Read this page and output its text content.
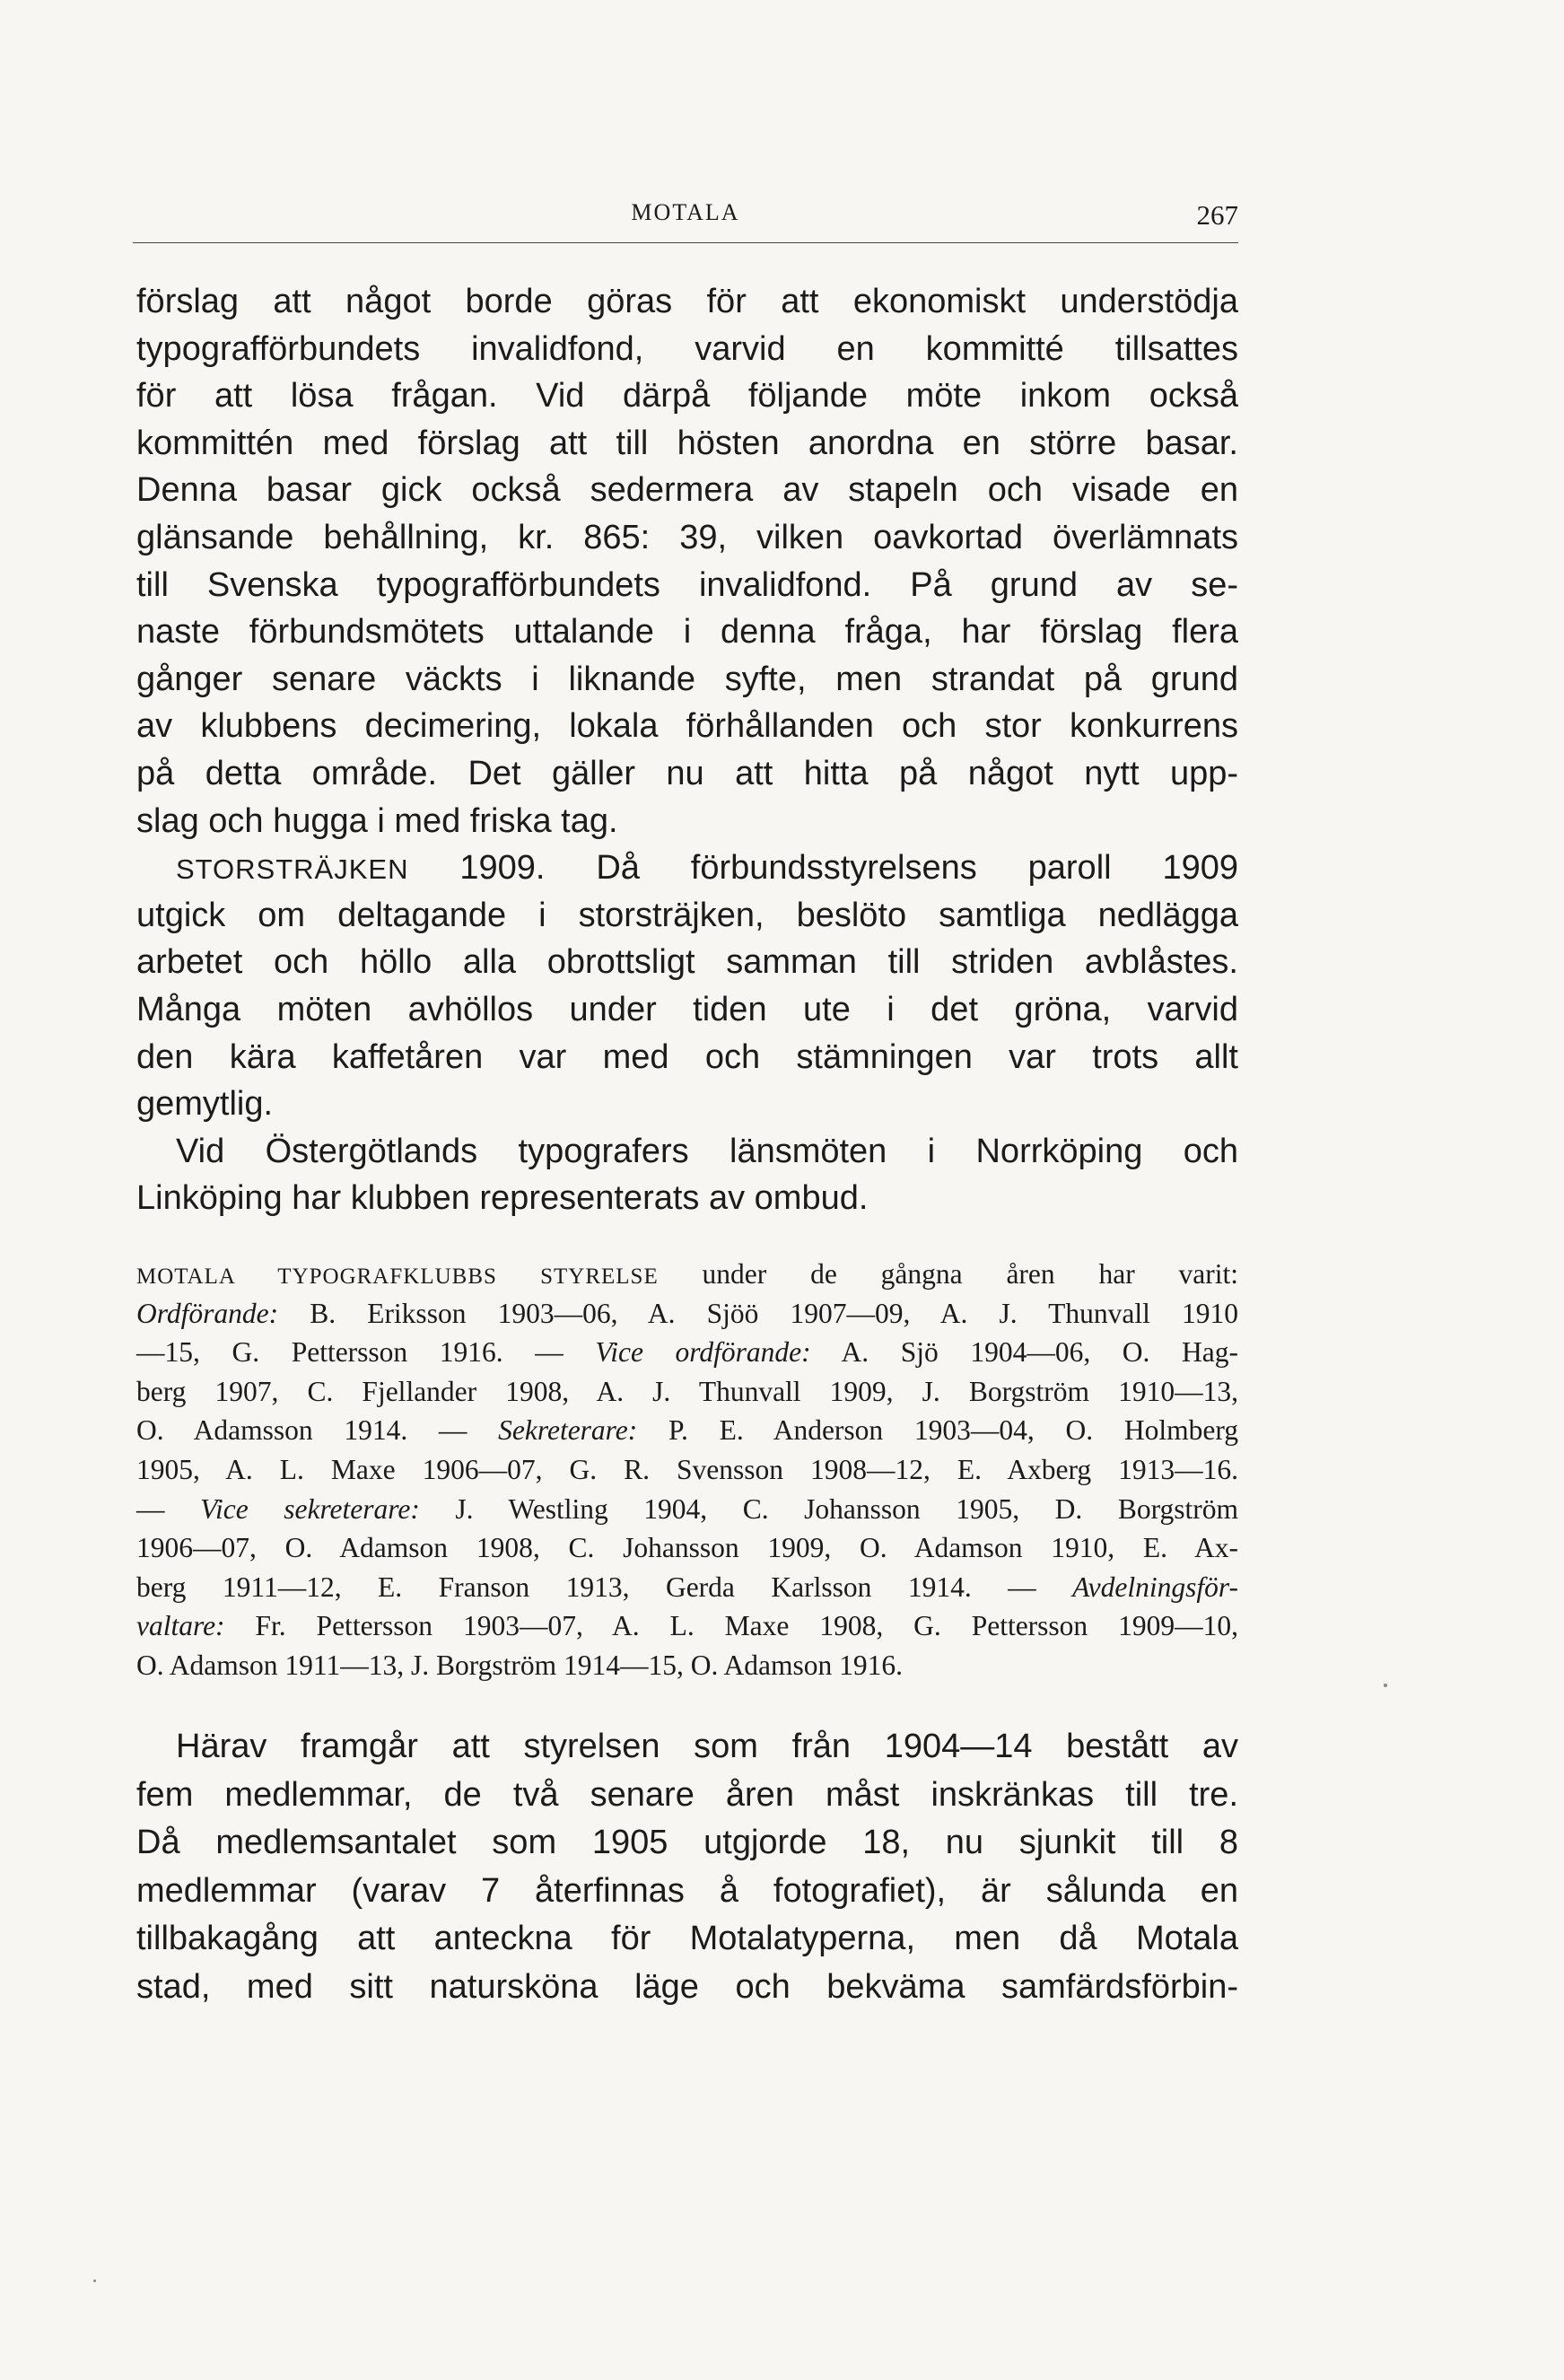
MOTALA	267
förslag att något borde göras för att ekonomiskt understödja
typografförbundets invalidfond, varvid en kommitté tillsattes
för att lösa frågan. Vid därpå följande möte inkom också
kommittén med förslag att till hösten anordna en större basar.
Denna basar gick också sedermera av stapeln och visade en
glänsande behållning, kr. 865: 39, vilken oavkortad överlämnats
till Svenska typografförbundets invalidfond. På grund av se-
naste förbundsmötets uttalande i denna fråga, har förslag flera
gånger senare väckts i liknande syfte, men strandat på grund
av klubbens decimering, lokala förhållanden och stor konkurrens
på detta område. Det gäller nu att hitta på något nytt upp-
slag och hugga i med friska tag.
STORSTRÄJKEN 1909. Då förbundsstyrelsens paroll 1909
utgick om deltagande i storsträjken, beslöto samtliga nedlägga
arbetet och höllo alla obrottsligt samman till striden avblåstes.
Många möten avhöllos under tiden ute i det gröna, varvid
den kära kaffetåren var med och stämningen var trots allt
gemytlig.
Vid Östergötlands typografers länsmöten i Norrköping och
Linköping har klubben representerats av ombud.
MOTALA TYPOGRAFKLUBBS STYRELSE under de gångna åren har varit:
Ordförande: B. Eriksson 1903—06, A. Sjöö 1907—09, A. J. Thunvall 1910
—15, G. Pettersson 1916. — Vice ordförande: A. Sjö 1904—06, O. Hag-
berg 1907, C. Fjellander 1908, A. J. Thunvall 1909, J. Borgström 1910—13,
O. Adamsson 1914. — Sekreterare: P. E. Anderson 1903—04, O. Holmberg
1905, A. L. Maxe 1906—07, G. R. Svensson 1908—12, E. Axberg 1913—16.
— Vice sekreterare: J. Westling 1904, C. Johansson 1905, D. Borgström
1906—07, O. Adamson 1908, C. Johansson 1909, O. Adamson 1910, E. Ax-
berg 1911—12, E. Franson 1913, Gerda Karlsson 1914. — Avdelningsför-
valtare: Fr. Pettersson 1903—07, A. L. Maxe 1908, G. Pettersson 1909—10,
O. Adamson 1911—13, J. Borgström 1914—15, O. Adamson 1916.
Härav framgår att styrelsen som från 1904—14 bestått av
fem medlemmar, de två senare åren måst inskränkas till tre.
Då medlemsantalet som 1905 utgjorde 18, nu sjunkit till 8
medlemmar (varav 7 återfinnas å fotografiet), är sålunda en
tillbakagång att anteckna för Motalatyperna, men då Motala
stad, med sitt natursköna läge och bekväma samfärdsförbin-
